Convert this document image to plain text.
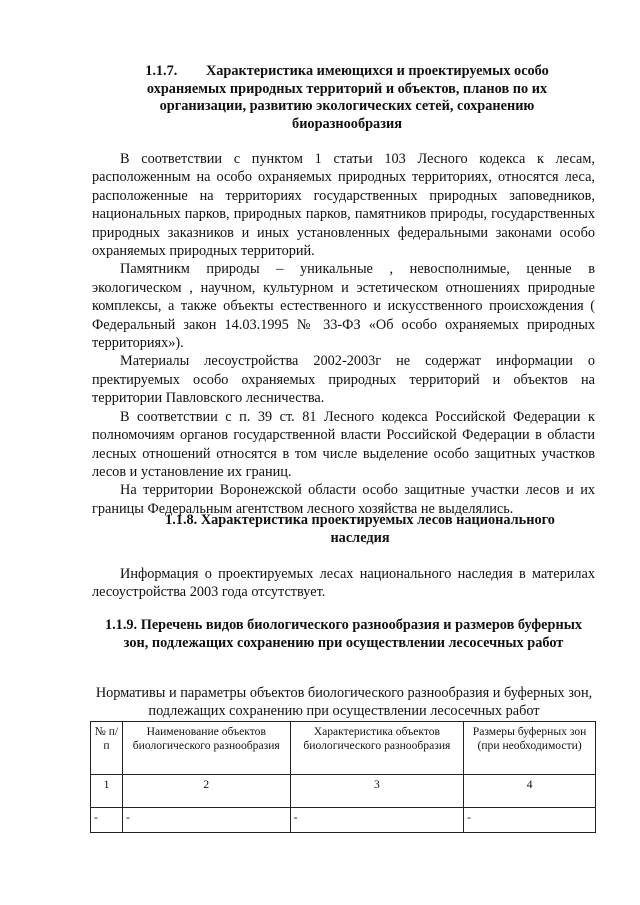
1.1.7.  Характеристика имеющихся и проектируемых особо охраняемых природных территорий и объектов, планов по их организации, развитию экологических сетей, сохранению биоразнообразия

В соответствии с пунктом 1 статьи 103 Лесного кодекса к лесам, расположенным на особо охраняемых природных территориях, относятся леса, расположенные на территориях государственных природных заповедников, национальных парков, природных парков, памятников природы, государственных природных заказников и иных установленных федеральными законами особо охраняемых природных территорий.

Памятникм природы – уникальные , невосполнимые, ценные в экологическом , научном, культурном и эстетическом отношениях природные комплексы, а также объекты естественного и искусственного происхождения ( Федеральный закон 14.03.1995 № 33-ФЗ «Об особо охраняемых природных территориях»).

Материалы лесоустройства 2002-2003г не содержат информации о пректируемых особо охраняемых природных территорий и объектов на территории Павловского лесничества.

В соответствии с п. 39 ст. 81 Лесного кодекса Российской Федерации к полномочиям органов государственной власти Российской Федерации в области лесных отношений относятся в том числе выделение особо защитных участков лесов и установление их границ.

На территории Воронежской области особо защитные участки лесов и их границы Федеральным агентством лесного хозяйства не выделялись.

1.1.8. Характеристика проектируемых лесов национального наследия

Информация о проектируемых лесах национального наследия в материлах лесоустройства 2003 года отсутствует.

1.1.9. Перечень видов биологического разнообразия и размеров буферных зон, подлежащих сохранению при осуществлении лесосечных работ
Нормативы и параметры объектов биологического разнообразия и буферных зон, подлежащих сохранению при осуществлении лесосечных работ
№ п/п	Наименование объектов биологического разнообразия	Характеристика объектов биологического разнообразия	Размеры буферных зон (при необходимости)
1	2	3	4
-	-	-	-
